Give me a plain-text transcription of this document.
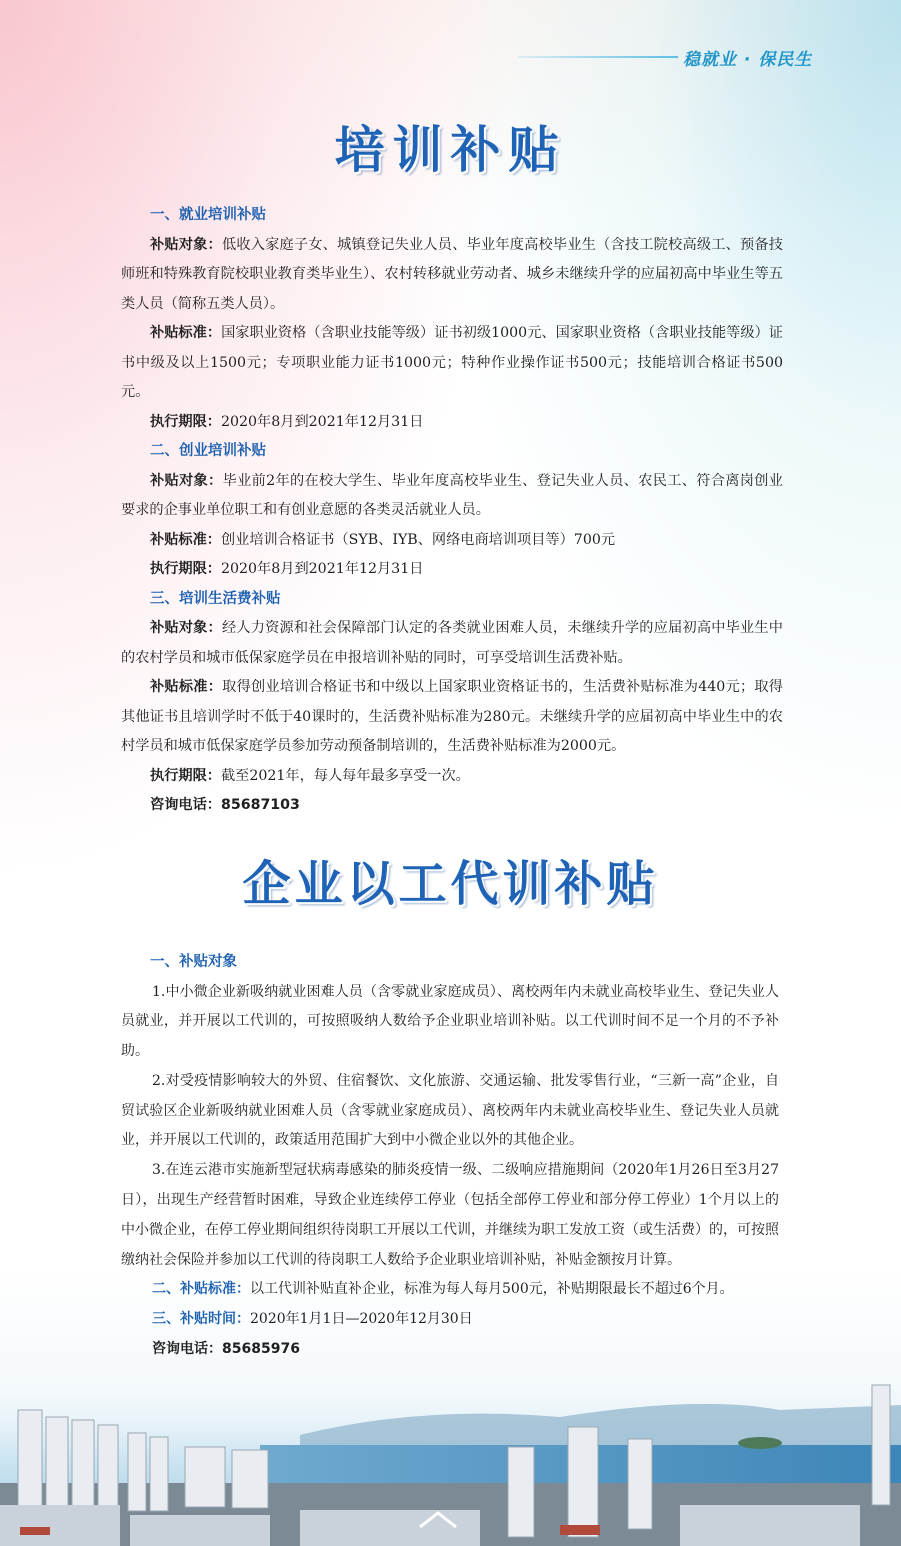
稳就业 · 保民生
培训补贴
一、就业培训补贴

补贴对象：低收入家庭子女、城镇登记失业人员、毕业年度高校毕业生（含技工院校高级工、预备技师班和特殊教育院校职业教育类毕业生）、农村转移就业劳动者、城乡未继续升学的应届初高中毕业生等五类人员（简称五类人员）。

补贴标准：国家职业资格（含职业技能等级）证书初级1000元、国家职业资格（含职业技能等级）证书中级及以上1500元；专项职业能力证书1000元；特种作业操作证书500元；技能培训合格证书500元。

执行期限：2020年8月到2021年12月31日

二、创业培训补贴

补贴对象：毕业前2年的在校大学生、毕业年度高校毕业生、登记失业人员、农民工、符合离岗创业要求的企事业单位职工和有创业意愿的各类灵活就业人员。

补贴标准：创业培训合格证书（SYB、IYB、网络电商培训项目等）700元

执行期限：2020年8月到2021年12月31日

三、培训生活费补贴

补贴对象：经人力资源和社会保障部门认定的各类就业困难人员，未继续升学的应届初高中毕业生中的农村学员和城市低保家庭学员在申报培训补贴的同时，可享受培训生活费补贴。

补贴标准：取得创业培训合格证书和中级以上国家职业资格证书的，生活费补贴标准为440元；取得其他证书且培训学时不低于40课时的，生活费补贴标准为280元。未继续升学的应届初高中毕业生中的农村学员和城市低保家庭学员参加劳动预备制培训的，生活费补贴标准为2000元。

执行期限：截至2021年，每人每年最多享受一次。

咨询电话：85687103

企业以工代训补贴
一、补贴对象

1.中小微企业新吸纳就业困难人员（含零就业家庭成员）、离校两年内未就业高校毕业生、登记失业人员就业，并开展以工代训的，可按照吸纳人数给予企业职业培训补贴。以工代训时间不足一个月的不予补助。

2.对受疫情影响较大的外贸、住宿餐饮、文化旅游、交通运输、批发零售行业，“三新一高”企业，自贸试验区企业新吸纳就业困难人员（含零就业家庭成员）、离校两年内未就业高校毕业生、登记失业人员就业，并开展以工代训的，政策适用范围扩大到中小微企业以外的其他企业。

3.在连云港市实施新型冠状病毒感染的肺炎疫情一级、二级响应措施期间（2020年1月26日至3月27日），出现生产经营暂时困难，导致企业连续停工停业（包括全部停工停业和部分停工停业）1个月以上的中小微企业，在停工停业期间组织待岗职工开展以工代训，并继续为职工发放工资（或生活费）的，可按照缴纳社会保险并参加以工代训的待岗职工人数给予企业职业培训补贴，补贴金额按月计算。

二、补贴标准：以工代训补贴直补企业，标准为每人每月500元，补贴期限最长不超过6个月。

三、补贴时间：2020年1月1日—2020年12月30日

咨询电话：85685976
